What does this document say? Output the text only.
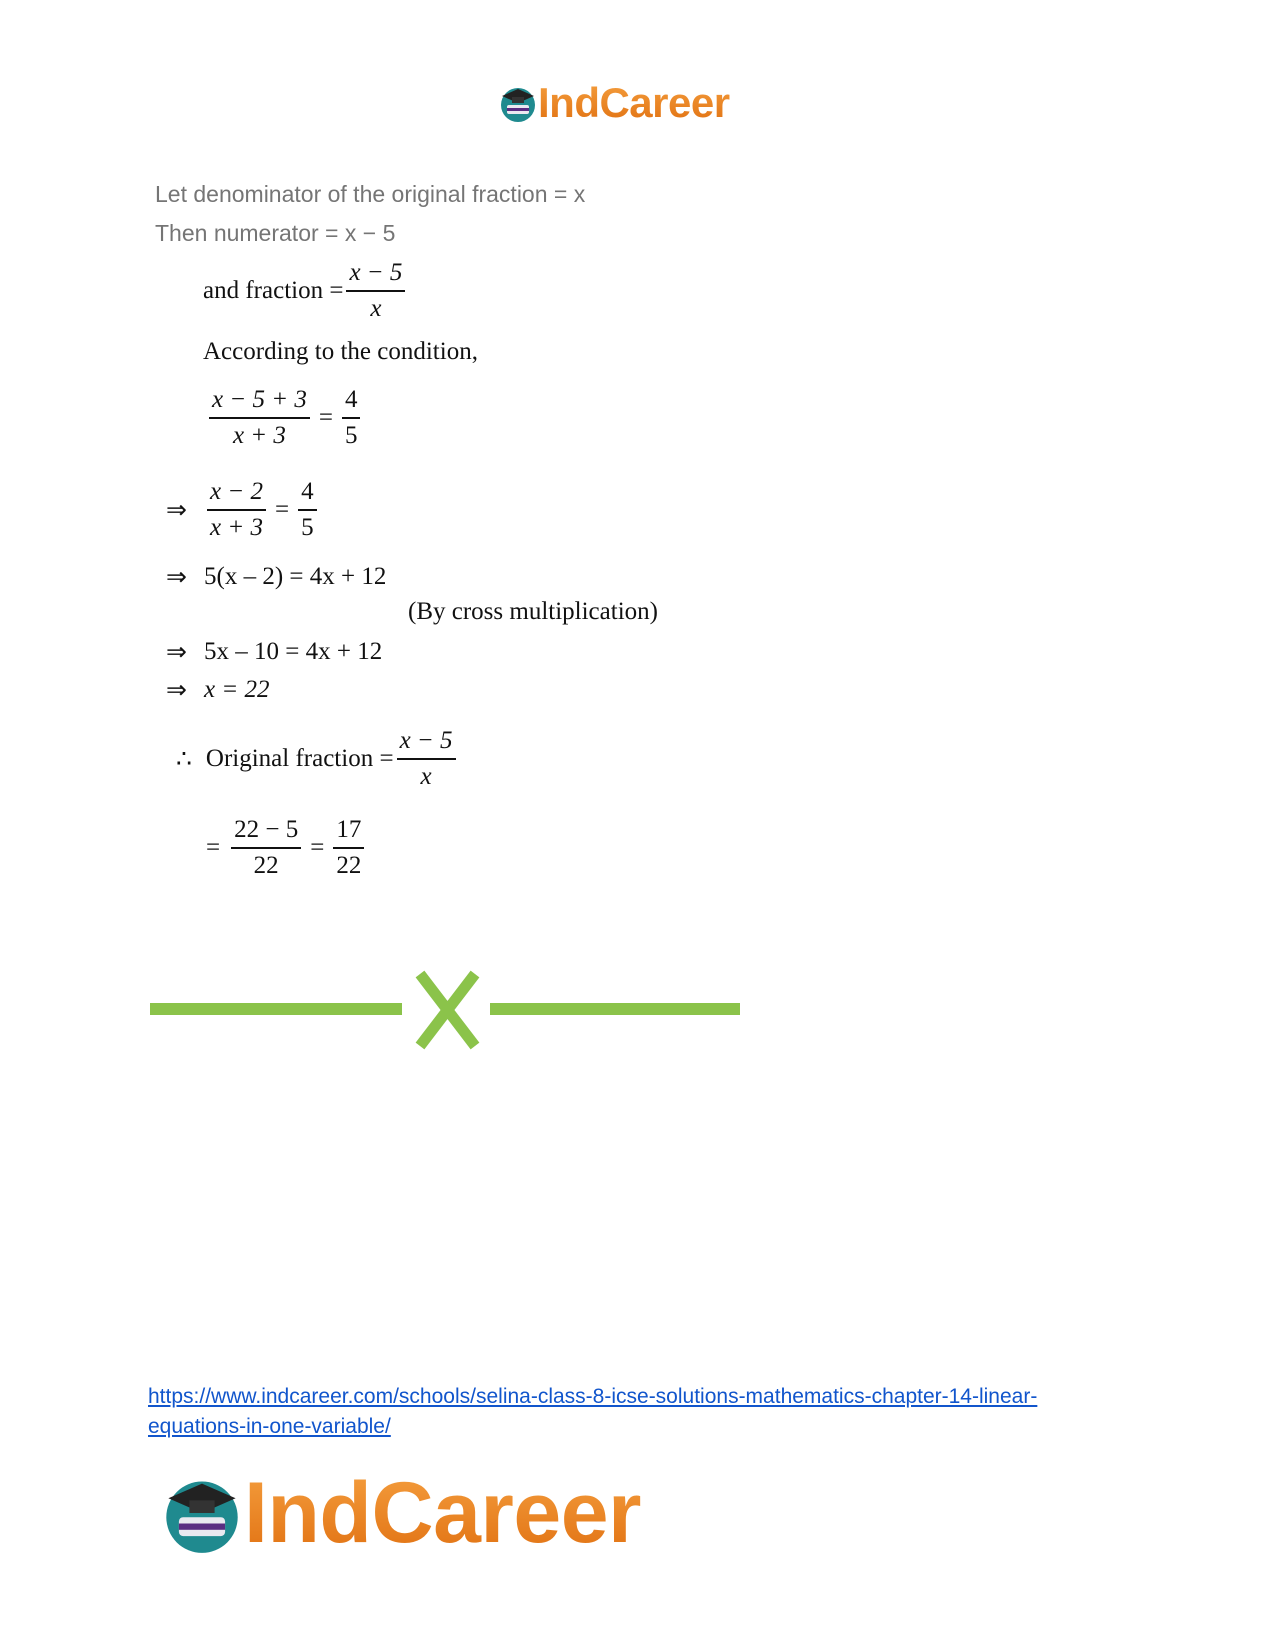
IndCareer
Let denominator of the original fraction = x
Then numerator = x − 5
and fraction = $\frac{x - 5}{x}$
According to the condition,
$\frac{x - 5 + 3}{x + 3} = \frac{4}{5}$
⇒ $\frac{x - 2}{x + 3} = \frac{4}{5}$
⇒ 5(x – 2) = 4x + 12
(By cross multiplication)
⇒ 5x – 10 = 4x + 12
⇒ x = 22
∴ Original fraction = $\frac{x - 5}{x}$
= $\frac{22 - 5}{22} = \frac{17}{22}$
https://www.indcareer.com/schools/selina-class-8-icse-solutions-mathematics-chapter-14-linear-
equations-in-one-variable/
IndCareer
